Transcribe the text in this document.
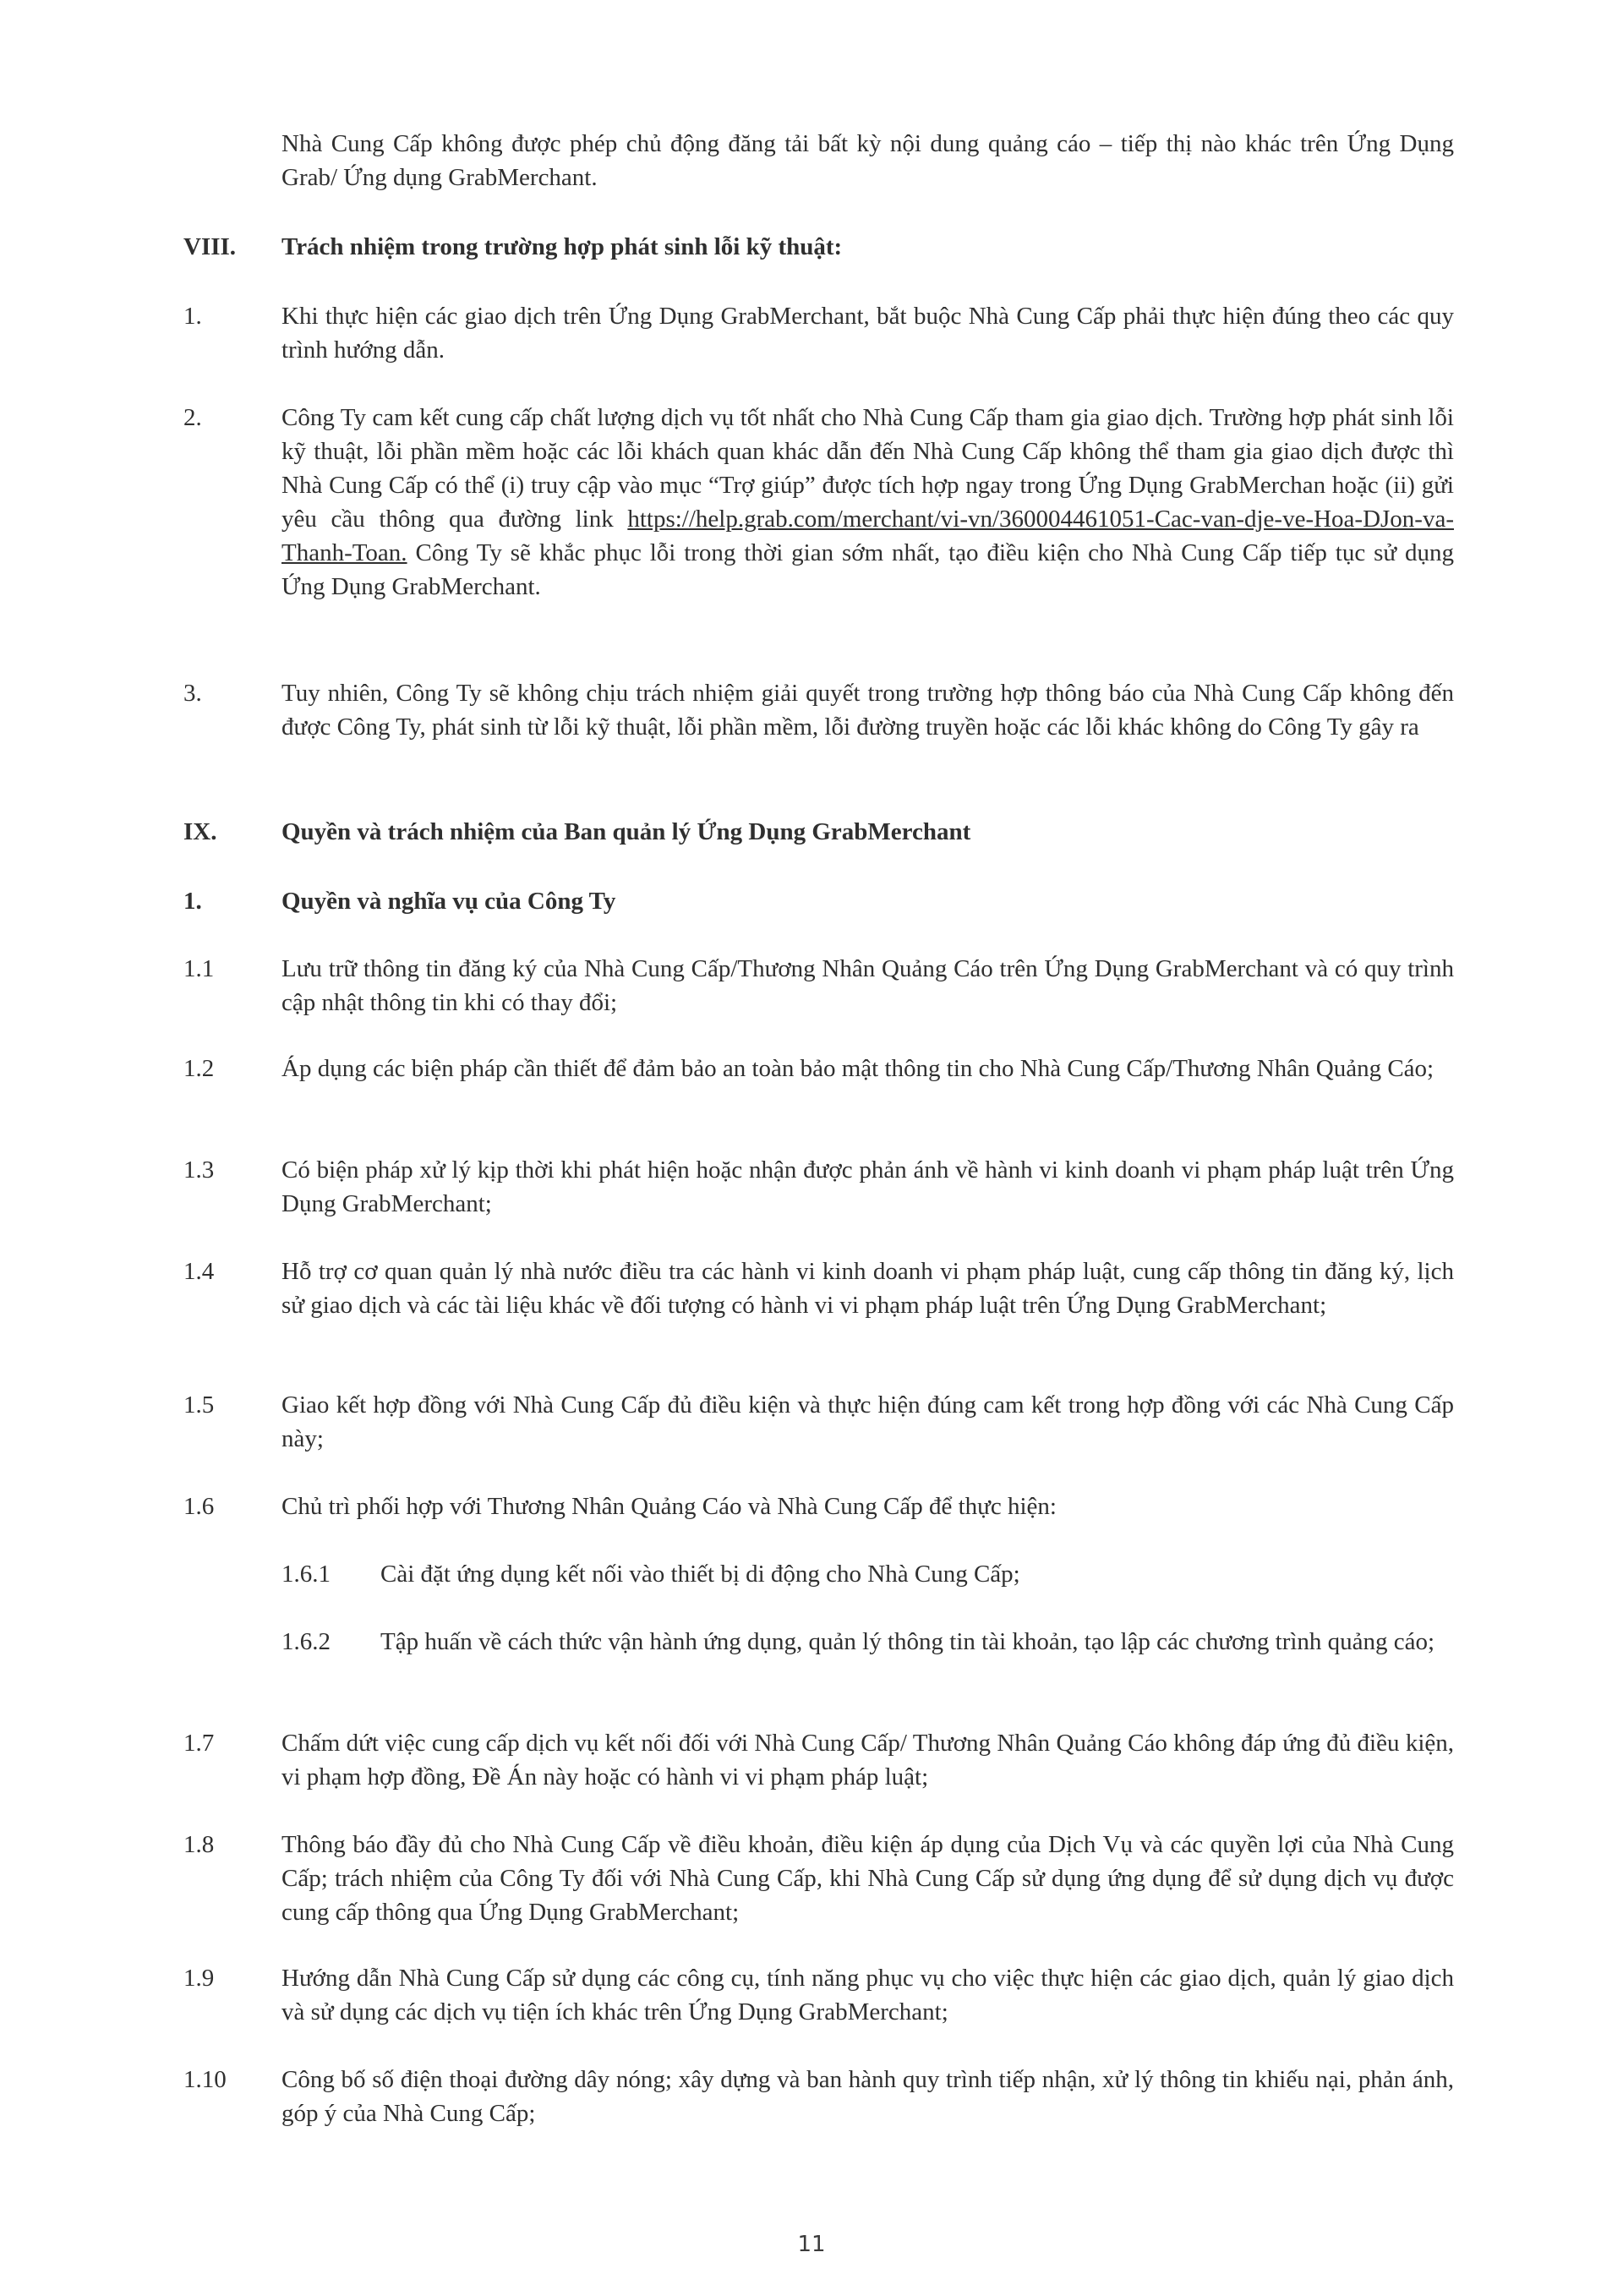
Nhà Cung Cấp không được phép chủ động đăng tải bất kỳ nội dung quảng cáo – tiếp thị nào khác trên Ứng Dụng Grab/ Ứng dụng GrabMerchant.
VIII. Trách nhiệm trong trường hợp phát sinh lỗi kỹ thuật:
1.	Khi thực hiện các giao dịch trên Ứng Dụng GrabMerchant, bắt buộc Nhà Cung Cấp phải thực hiện đúng theo các quy trình hướng dẫn.
2.	Công Ty cam kết cung cấp chất lượng dịch vụ tốt nhất cho Nhà Cung Cấp tham gia giao dịch. Trường hợp phát sinh lỗi kỹ thuật, lỗi phần mềm hoặc các lỗi khách quan khác dẫn đến Nhà Cung Cấp không thể tham gia giao dịch được thì Nhà Cung Cấp có thể (i) truy cập vào mục “Trợ giúp” được tích hợp ngay trong Ứng Dụng GrabMerchan hoặc (ii) gửi yêu cầu thông qua đường link https://help.grab.com/merchant/vi-vn/360004461051-Cac-van-dje-ve-Hoa-DJon-va-Thanh-Toan. Công Ty sẽ khắc phục lỗi trong thời gian sớm nhất, tạo điều kiện cho Nhà Cung Cấp tiếp tục sử dụng Ứng Dụng GrabMerchant.
3.	Tuy nhiên, Công Ty sẽ không chịu trách nhiệm giải quyết trong trường hợp thông báo của Nhà Cung Cấp không đến được Công Ty, phát sinh từ lỗi kỹ thuật, lỗi phần mềm, lỗi đường truyền hoặc các lỗi khác không do Công Ty gây ra
IX.	Quyền và trách nhiệm của Ban quản lý Ứng Dụng GrabMerchant
1.	Quyền và nghĩa vụ của Công Ty
1.1	Lưu trữ thông tin đăng ký của Nhà Cung Cấp/Thương Nhân Quảng Cáo trên Ứng Dụng GrabMerchant và có quy trình cập nhật thông tin khi có thay đổi;
1.2	Áp dụng các biện pháp cần thiết để đảm bảo an toàn bảo mật thông tin cho Nhà Cung Cấp/Thương Nhân Quảng Cáo;
1.3	Có biện pháp xử lý kịp thời khi phát hiện hoặc nhận được phản ánh về hành vi kinh doanh vi phạm pháp luật trên Ứng Dụng GrabMerchant;
1.4	Hỗ trợ cơ quan quản lý nhà nước điều tra các hành vi kinh doanh vi phạm pháp luật, cung cấp thông tin đăng ký, lịch sử giao dịch và các tài liệu khác về đối tượng có hành vi vi phạm pháp luật trên Ứng Dụng GrabMerchant;
1.5	Giao kết hợp đồng với Nhà Cung Cấp đủ điều kiện và thực hiện đúng cam kết trong hợp đồng với các Nhà Cung Cấp này;
1.6	Chủ trì phối hợp với Thương Nhân Quảng Cáo và Nhà Cung Cấp để thực hiện:
1.6.1 Cài đặt ứng dụng kết nối vào thiết bị di động cho Nhà Cung Cấp;
1.6.2 Tập huấn về cách thức vận hành ứng dụng, quản lý thông tin tài khoản, tạo lập các chương trình quảng cáo;
1.7	Chấm dứt việc cung cấp dịch vụ kết nối đối với Nhà Cung Cấp/ Thương Nhân Quảng Cáo không đáp ứng đủ điều kiện, vi phạm hợp đồng, Đề Án này hoặc có hành vi vi phạm pháp luật;
1.8	Thông báo đầy đủ cho Nhà Cung Cấp về điều khoản, điều kiện áp dụng của Dịch Vụ và các quyền lợi của Nhà Cung Cấp; trách nhiệm của Công Ty đối với Nhà Cung Cấp, khi Nhà Cung Cấp sử dụng ứng dụng để sử dụng dịch vụ được cung cấp thông qua Ứng Dụng GrabMerchant;
1.9	Hướng dẫn Nhà Cung Cấp sử dụng các công cụ, tính năng phục vụ cho việc thực hiện các giao dịch, quản lý giao dịch và sử dụng các dịch vụ tiện ích khác trên Ứng Dụng GrabMerchant;
1.10 Công bố số điện thoại đường dây nóng; xây dựng và ban hành quy trình tiếp nhận, xử lý thông tin khiếu nại, phản ánh, góp ý của Nhà Cung Cấp;
11
